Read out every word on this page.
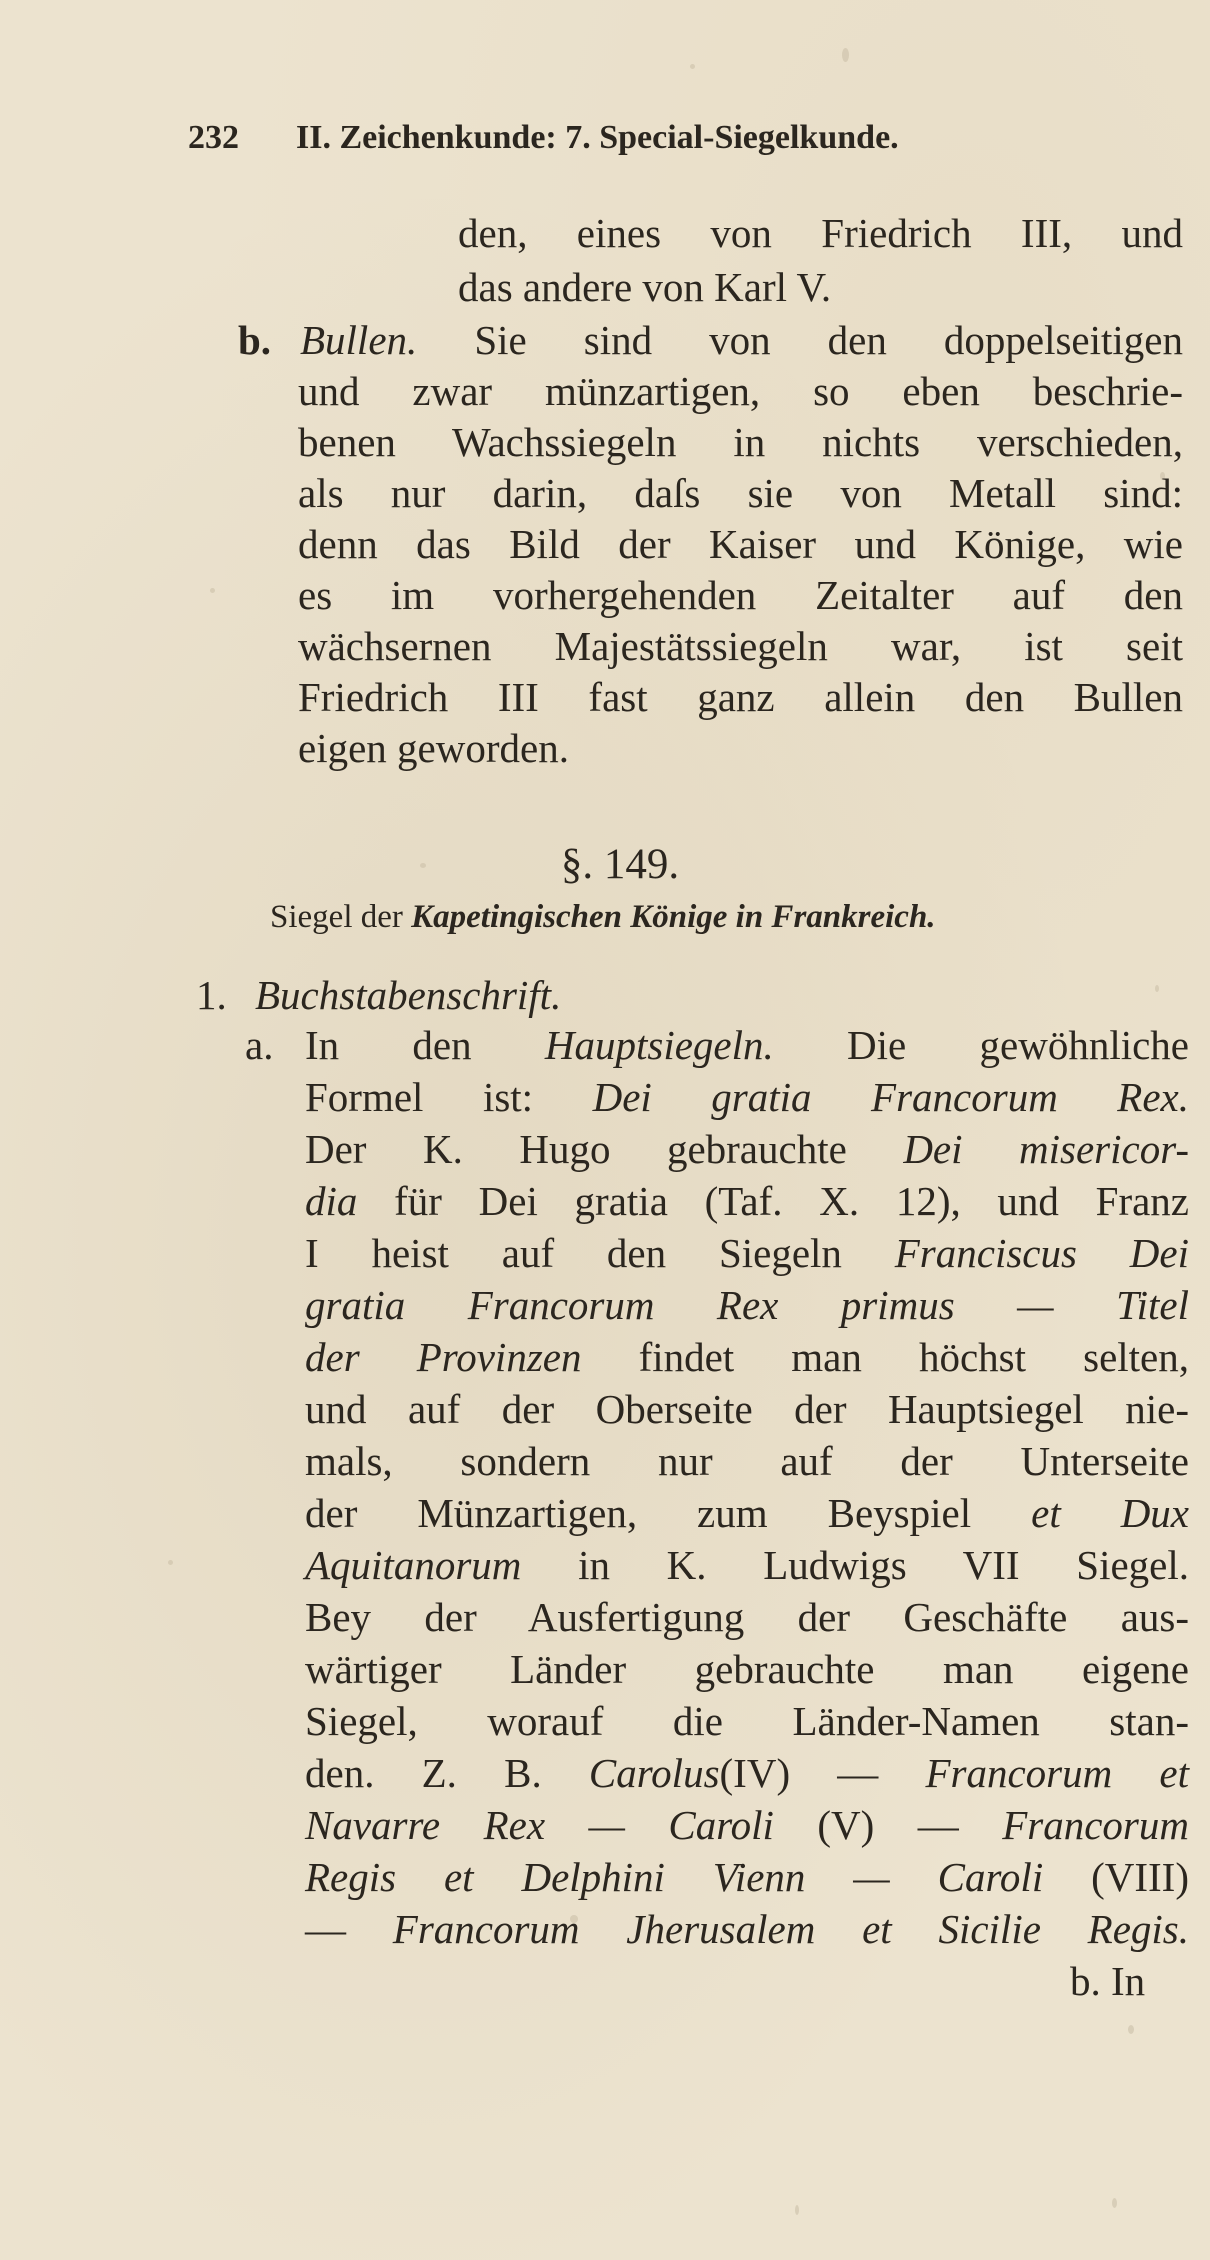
232 II. Zeichenkunde: 7. Special-Siegelkunde.
den, eines von Friedrich III, und
das andere von Karl V.
b. Bullen. Sie sind von den doppelseitigen
und zwar münzartigen, so eben beschrie-
benen Wachssiegeln in nichts verschieden,
als nur darin, daſs sie von Metall sind:
denn das Bild der Kaiser und Könige, wie
es im vorhergehenden Zeitalter auf den
wächsernen Majestätssiegeln war, ist seit
Friedrich III fast ganz allein den Bullen
eigen geworden.
§. 149.
Siegel der Kapetingischen Könige in Frankreich.
1. Buchstabenschrift.
a. In den Hauptsiegeln. Die gewöhnliche
Formel ist: Dei gratia Francorum Rex.
Der K. Hugo gebrauchte Dei misericor-
dia für Dei gratia (Taf. X. 12), und Franz
I heist auf den Siegeln Franciscus Dei
gratia Francorum Rex primus — Titel
der Provinzen findet man höchst selten,
und auf der Oberseite der Hauptsiegel nie-
mals, sondern nur auf der Unterseite
der Münzartigen, zum Beyspiel et Dux
Aquitanorum in K. Ludwigs VII Siegel.
Bey der Ausfertigung der Geschäfte aus-
wärtiger Länder gebrauchte man eigene
Siegel, worauf die Länder-Namen stan-
den. Z. B. Carolus(IV) — Francorum et
Navarre Rex — Caroli (V) — Francorum
Regis et Delphini Vienn — Caroli (VIII)
— Francorum Jherusalem et Sicilie Regis.
b. In
